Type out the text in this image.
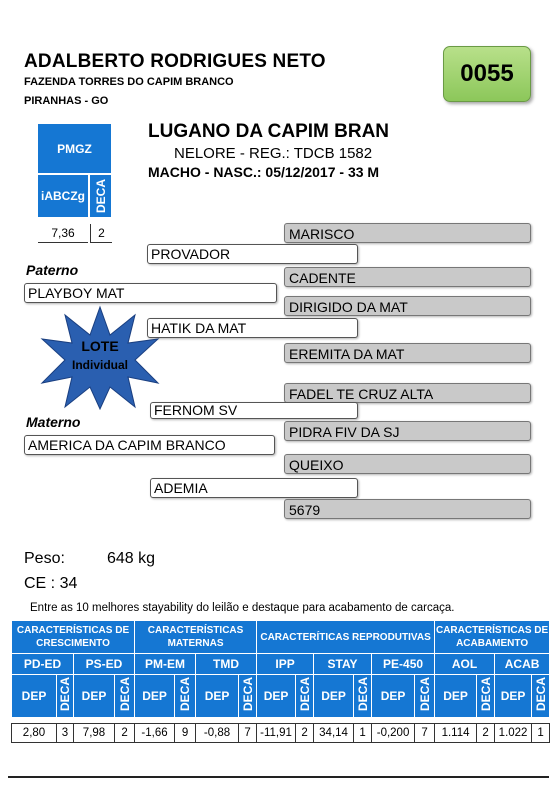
ADALBERTO RODRIGUES NETO
FAZENDA TORRES DO CAPIM BRANCO
PIRANHAS - GO
0055
PMGZ
iABCZg DECA
7,36	2
LUGANO DA CAPIM BRAN
NELORE - REG.: TDCB 1582
MACHO - NASC.: 05/12/2017 - 33 M
MARISCO
PROVADOR
Paterno	CADENTE
PLAYBOY MAT
DIRIGIDO DA MAT
HATIK DA MAT
EREMITA DA MAT
LOTE
Individual
FADEL TE CRUZ ALTA
FERNOM SV
Materno
PIDRA FIV DA SJ
AMERICA DA CAPIM BRANCO
QUEIXO
ADEMIA
5679
Peso:	648 kg
CE : 34
Entre as 10 melhores stayability do leilão e destaque para acabamento de carcaça.
CARACTERÍSTICAS DE CRESCIMENTO				CARACTERÍSTICAS MATERNAS				CARACTERÍTICAS REPRODUTIVAS						CARACTERÍSTICAS DE ACABAMENTO			
PD-ED		PS-ED		PM-EM		TMD		IPP		STAY		PE-450		AOL		ACAB	
DEP	DECA	DEP	DECA	DEP	DECA	DEP	DECA	DEP	DECA	DEP	DECA	DEP	DECA	DEP	DECA	DEP	DECA

2,80	3	7,98	2	-1,66	9	-0,88	7	-11,91	2	34,14	1	-0,200	7	1.114	2	1.022	1
